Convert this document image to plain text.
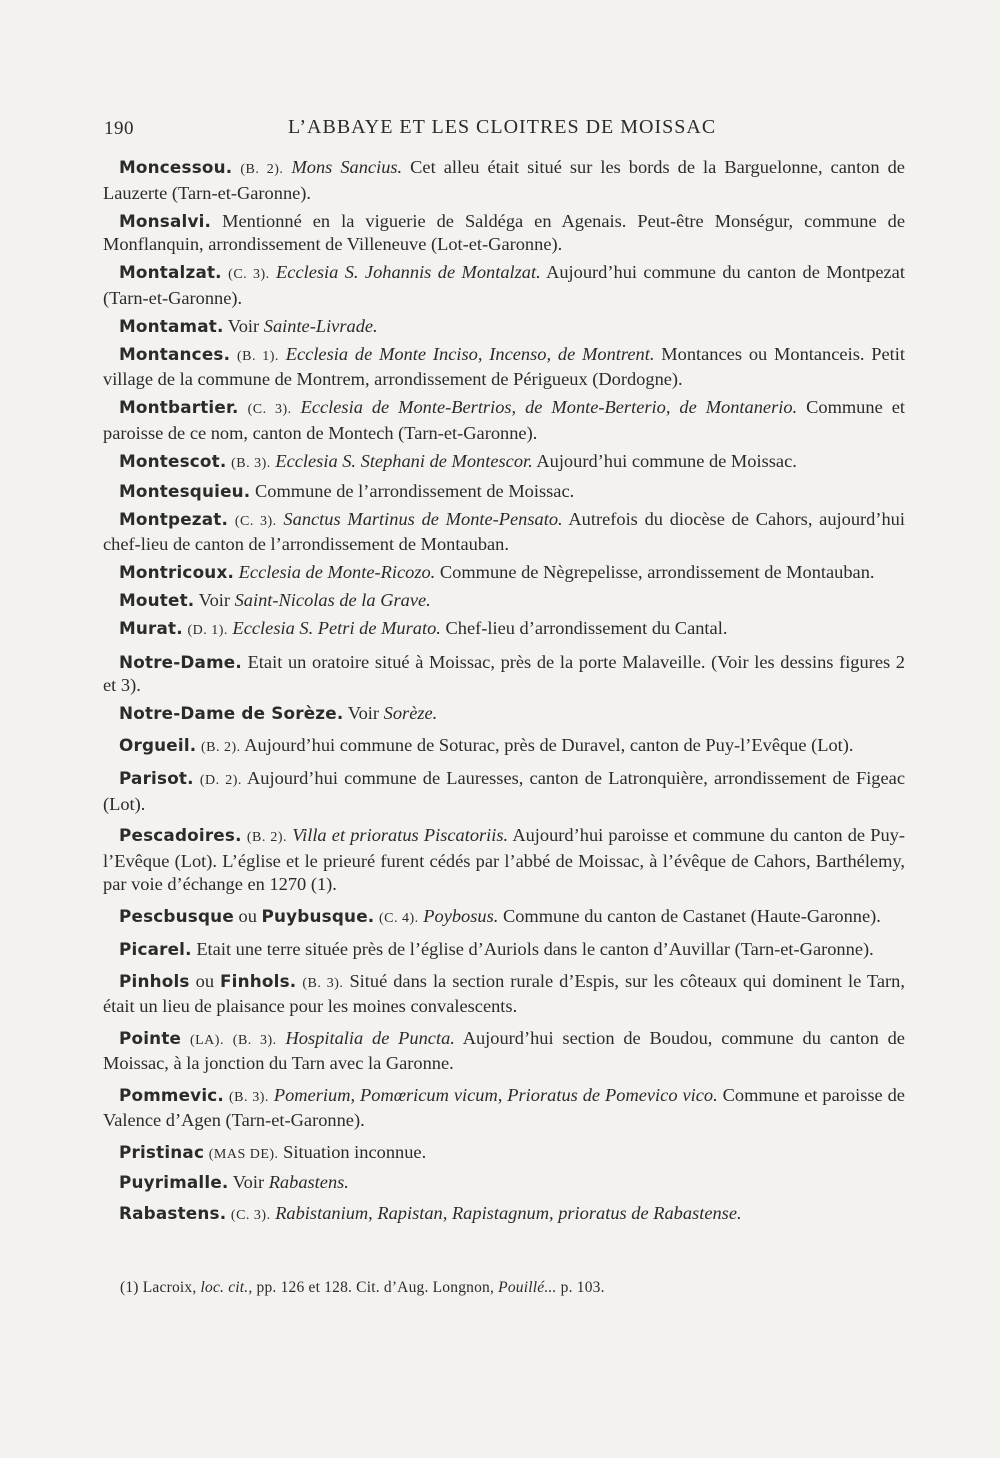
190	L’ABBAYE ET LES CLOITRES DE MOISSAC

Moncessou. (B. 2). Mons Sancius. Cet alleu était situé sur les bords de la Barguelonne, canton de Lauzerte (Tarn-et-Garonne).

Monsalvi. Mentionné en la viguerie de Saldéga en Agenais. Peut-être Monségur, commune de Monflanquin, arrondissement de Villeneuve (Lot-et-Garonne).

Montalzat. (C. 3). Ecclesia S. Johannis de Montalzat. Aujourd’hui commune du canton de Montpezat (Tarn-et-Garonne).

Montamat. Voir Sainte-Livrade.

Montances. (B. 1). Ecclesia de Monte Inciso, Incenso, de Montrent. Montances ou Montanceis. Petit village de la commune de Montrem, arrondissement de Périgueux (Dordogne).

Montbartier. (C. 3). Ecclesia de Monte-Bertrios, de Monte-Berterio, de Montanerio. Commune et paroisse de ce nom, canton de Montech (Tarn-et-Garonne).

Montescot. (B. 3). Ecclesia S. Stephani de Montescor. Aujourd’hui commune de Moissac.

Montesquieu. Commune de l’arrondissement de Moissac.

Montpezat. (C. 3). Sanctus Martinus de Monte-Pensato. Autrefois du diocèse de Cahors, aujourd’hui chef-lieu de canton de l’arrondissement de Montauban.

Montricoux. Ecclesia de Monte-Ricozo. Commune de Nègrepelisse, arrondissement de Montauban.

Moutet. Voir Saint-Nicolas de la Grave.

Murat. (D. 1). Ecclesia S. Petri de Murato. Chef-lieu d’arrondissement du Cantal.

Notre-Dame. Etait un oratoire situé à Moissac, près de la porte Malaveille. (Voir les dessins figures 2 et 3).

Notre-Dame de Sorèze. Voir Sorèze.

Orgueil. (B. 2). Aujourd’hui commune de Soturac, près de Duravel, canton de Puy-l’Evêque (Lot).

Parisot. (D. 2). Aujourd’hui commune de Lauresses, canton de Latronquière, arrondissement de Figeac (Lot).

Pescadoires. (B. 2). Villa et prioratus Piscatoriis. Aujourd’hui paroisse et commune du canton de Puy-l’Evêque (Lot). L’église et le prieuré furent cédés par l’abbé de Moissac, à l’évêque de Cahors, Barthélemy, par voie d’échange en 1270 (1).

Pescbusque ou Puybusque. (C. 4). Poybosus. Commune du canton de Castanet (Haute-Garonne).

Picarel. Etait une terre située près de l’église d’Auriols dans le canton d’Auvillar (Tarn-et-Garonne).

Pinhols ou Finhols. (B. 3). Situé dans la section rurale d’Espis, sur les côteaux qui dominent le Tarn, était un lieu de plaisance pour les moines convalescents.

Pointe (LA). (B. 3). Hospitalia de Puncta. Aujourd’hui section de Boudou, commune du canton de Moissac, à la jonction du Tarn avec la Garonne.

Pommevic. (B. 3). Pomerium, Pomœricum vicum, Prioratus de Pomevico vico. Commune et paroisse de Valence d’Agen (Tarn-et-Garonne).

Pristinac (MAS DE). Situation inconnue.

Puyrimalle. Voir Rabastens.

Rabastens. (C. 3). Rabistanium, Rapistan, Rapistagnum, prioratus de Rabastense.

(1) Lacroix, loc. cit., pp. 126 et 128. Cit. d’Aug. Longnon, Pouillé... p. 103.
